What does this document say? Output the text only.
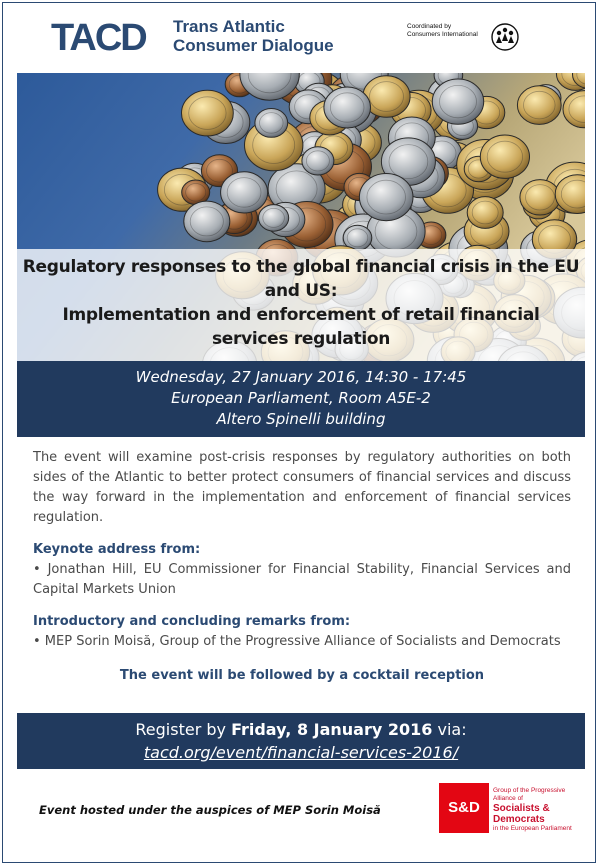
TACD Trans Atlantic
Consumer Dialogue
Coordinated by
Consumers International
Regulatory responses to the global financial crisis in the EU
and US:
Implementation and enforcement of retail financial
services regulation
Wednesday, 27 January 2016, 14:30 - 17:45
European Parliament, Room A5E-2
Altero Spinelli building

The event will examine post-crisis responses by regulatory authorities on both sides of the Atlantic to better protect consumers of financial services and discuss the way forward in the implementation and enforcement of financial services regulation.

Keynote address from:

• Jonathan Hill, EU Commissioner for Financial Stability, Financial Services and Capital Markets Union

Introductory and concluding remarks from:

• MEP Sorin Moisă, Group of the Progressive Alliance of Socialists and Democrats

The event will be followed by a cocktail reception

Register by Friday, 8 January 2016 via:
tacd.org/event/financial-services-2016/
Event hosted under the auspices of MEP Sorin Moisă	S&D
Group of the Progressive Alliance of
Socialists & Democrats
in the European Parliament
